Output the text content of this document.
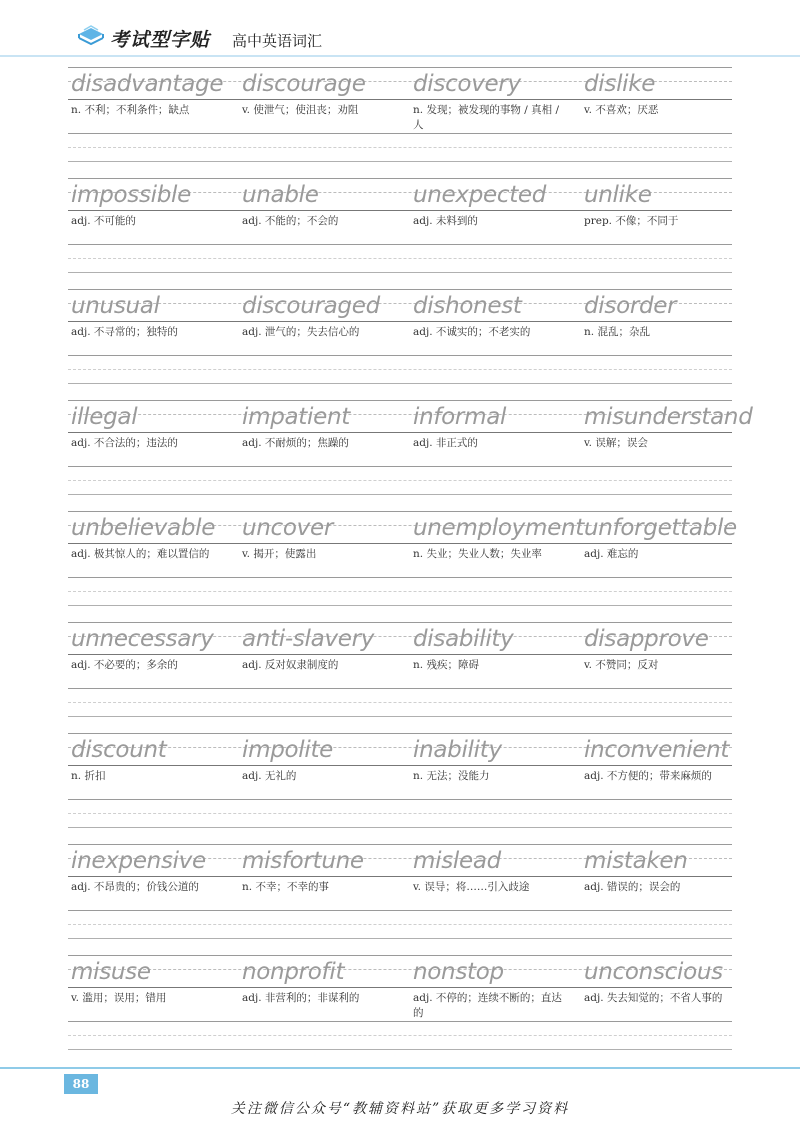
考试型字贴 高中英语词汇
disadvantage
n. 不利；不利条件；缺点
discourage
v. 使泄气；使沮丧；劝阻
discovery
n. 发现；被发现的事物 / 真相 / 人
dislike
v. 不喜欢；厌恶
impossible
adj. 不可能的
unable
adj. 不能的；不会的
unexpected
adj. 未料到的
unlike
prep. 不像；不同于
unusual
adj. 不寻常的；独特的
discouraged
adj. 泄气的；失去信心的
dishonest
adj. 不诚实的；不老实的
disorder
n. 混乱；杂乱
illegal
adj. 不合法的；违法的
impatient
adj. 不耐烦的；焦躁的
informal
adj. 非正式的
misunderstand
v. 误解；误会
unbelievable
adj. 极其惊人的；难以置信的
uncover
v. 揭开；使露出
unemployment
n. 失业；失业人数；失业率
unforgettable
adj. 难忘的
unnecessary
adj. 不必要的；多余的
anti-slavery
adj. 反对奴隶制度的
disability
n. 残疾；障碍
disapprove
v. 不赞同；反对
discount
n. 折扣
impolite
adj. 无礼的
inability
n. 无法；没能力
inconvenient
adj. 不方便的；带来麻烦的
inexpensive
adj. 不昂贵的；价钱公道的
misfortune
n. 不幸；不幸的事
mislead
v. 误导；将……引入歧途
mistaken
adj. 错误的；误会的
misuse
v. 滥用；误用；错用
nonprofit
adj. 非营利的；非谋利的
nonstop
adj. 不停的；连续不断的；直达的
unconscious
adj. 失去知觉的；不省人事的
88
关注微信公众号“教辅资料站”获取更多学习资料
